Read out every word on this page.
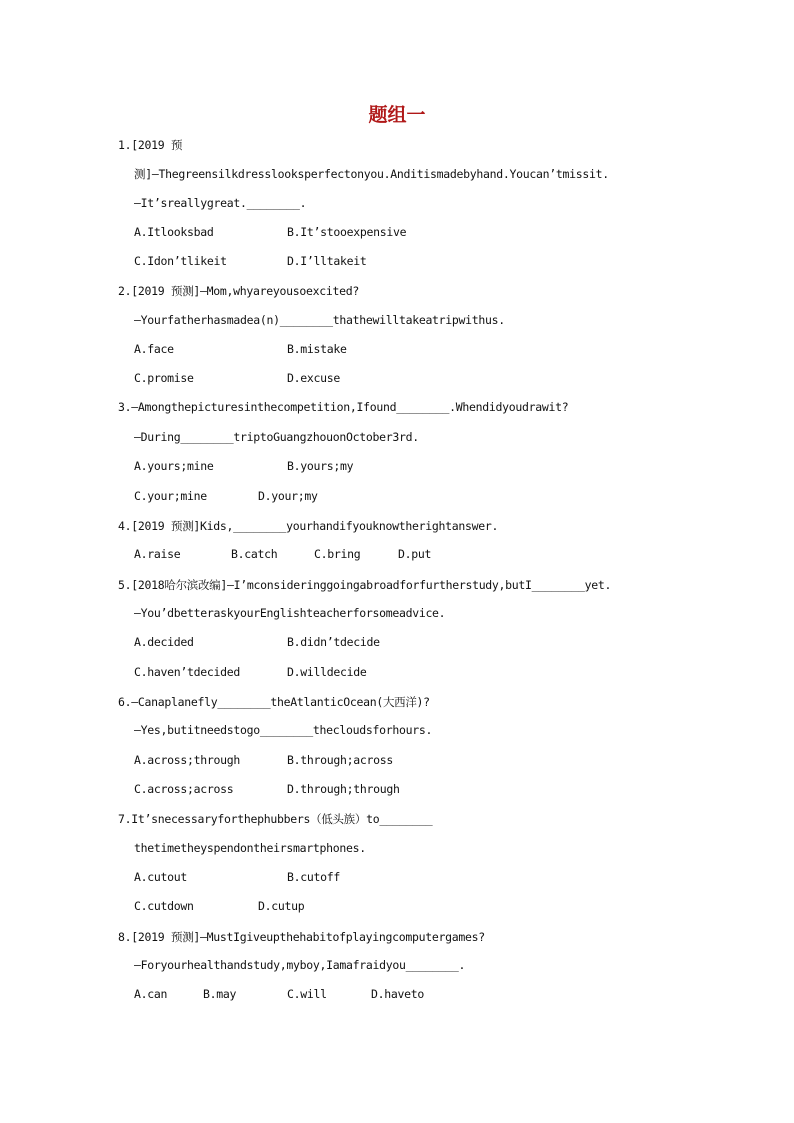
题组一
1.[2019 预
测]—Thegreensilkdresslooksperfectonyou.Anditismadebyhand.Youcan’tmissit.
—It’sreallygreat.________.
A.Itlooksbad	B.It’stooexpensive
C.Idon’tlikeit	D.I’lltakeit
2.[2019 预测]—Mom,whyareyousoexcited?
—Yourfatherhasmadea(n)________thathewilltakeatripwithus.
A.face	B.mistake
C.promise	D.excuse
3.—Amongthepicturesinthecompetition,Ifound________.Whendidyoudrawit?
—During________triptoGuangzhouonOctober3rd.
A.yours;mine	B.yours;my
C.your;mine	D.your;my
4.[2019 预测]Kids,________yourhandifyouknowtherightanswer.
A.raise	B.catch	C.bring	D.put
5.[2018哈尔滨改编]—I’mconsideringgoingabroadforfurtherstudy,butI________yet.
—You’dbetteraskyourEnglishteacherforsomeadvice.
A.decided	B.didn’tdecide
C.haven’tdecided	D.willdecide
6.—Canaplanefly________theAtlanticOcean(大西洋)?
—Yes,butitneedstogo________thecloudsforhours.
A.across;through	B.through;across
C.across;across	D.through;through
7.It’snecessaryforthephubbers（低头族）to________
thetimetheyspendontheirsmartphones.
A.cutout	B.cutoff
C.cutdown	D.cutup
8.[2019 预测]—MustIgiveupthehabitofplayingcomputergames?
—Foryourhealthandstudy,myboy,Iamafraidyou________.
A.can	B.may	C.will	D.haveto
